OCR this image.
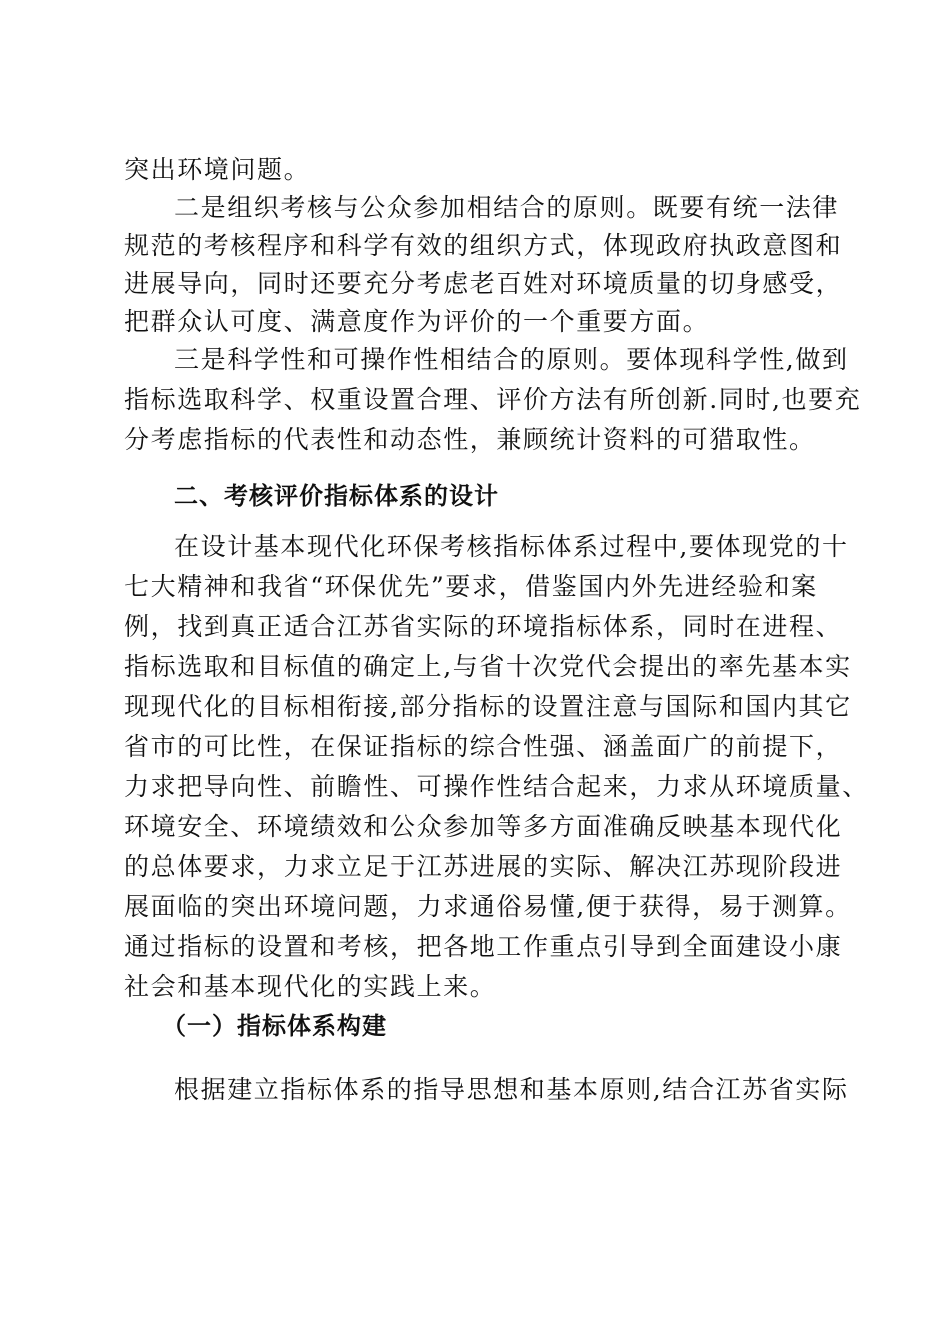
突出环境问题。
二是组织考核与公众参加相结合的原则。既要有统一法律
规范的考核程序和科学有效的组织方式，体现政府执政意图和
进展导向，同时还要充分考虑老百姓对环境质量的切身感受，
把群众认可度、满意度作为评价的一个重要方面。
三是科学性和可操作性相结合的原则。要体现科学性,做到
指标选取科学、权重设置合理、评价方法有所创新.同时,也要充
分考虑指标的代表性和动态性，兼顾统计资料的可猎取性。
二、考核评价指标体系的设计
在设计基本现代化环保考核指标体系过程中,要体现党的十
七大精神和我省“环保优先”要求，借鉴国内外先进经验和案
例，找到真正适合江苏省实际的环境指标体系，同时在进程、
指标选取和目标值的确定上,与省十次党代会提出的率先基本实
现现代化的目标相衔接,部分指标的设置注意与国际和国内其它
省市的可比性，在保证指标的综合性强、涵盖面广的前提下，
力求把导向性、前瞻性、可操作性结合起来，力求从环境质量、
环境安全、环境绩效和公众参加等多方面准确反映基本现代化
的总体要求，力求立足于江苏进展的实际、解决江苏现阶段进
展面临的突出环境问题，力求通俗易懂,便于获得，易于测算。
通过指标的设置和考核，把各地工作重点引导到全面建设小康
社会和基本现代化的实践上来。
（一）指标体系构建
根据建立指标体系的指导思想和基本原则,结合江苏省实际
